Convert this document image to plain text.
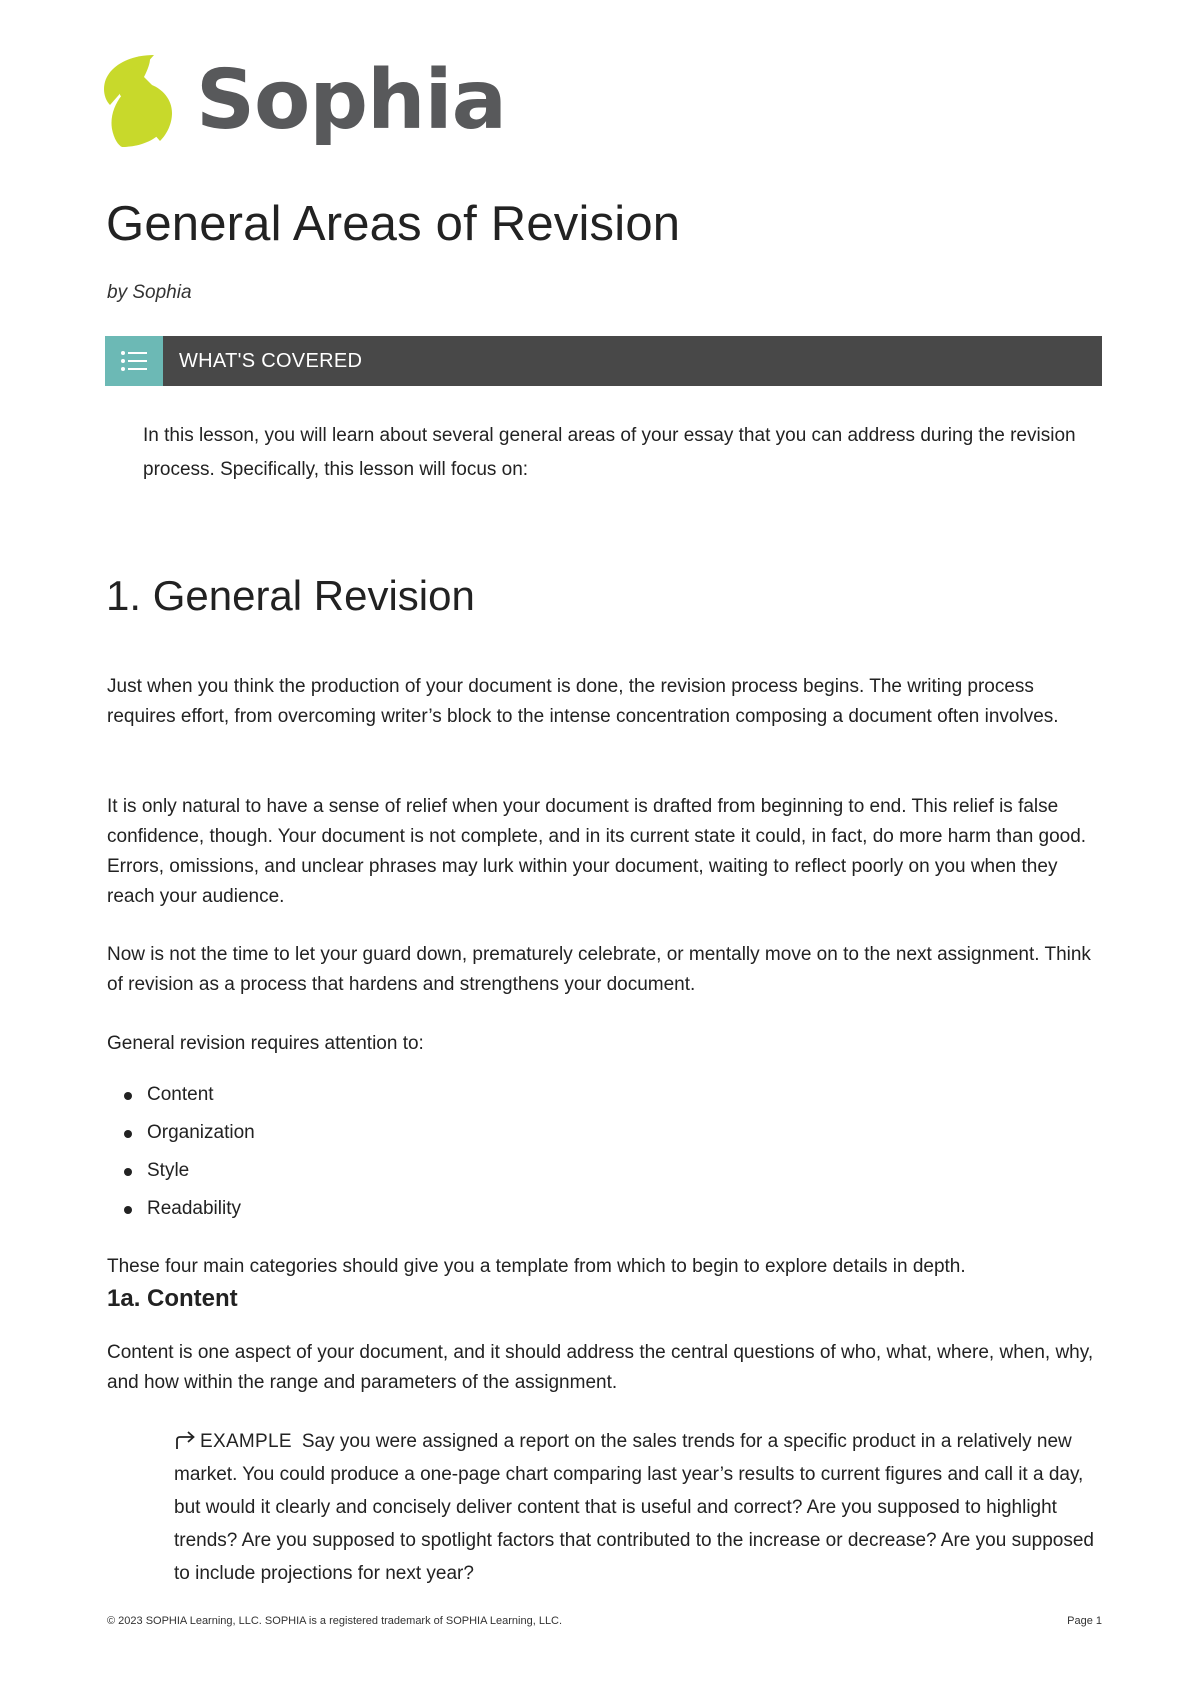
Sophia
General Areas of Revision
by Sophia
WHAT'S COVERED

In this lesson, you will learn about several general areas of your essay that you can address during the revision process. Specifically, this lesson will focus on:

1. General Revision

Just when you think the production of your document is done, the revision process begins. The writing process requires effort, from overcoming writer’s block to the intense concentration composing a document often involves.

It is only natural to have a sense of relief when your document is drafted from beginning to end. This relief is false confidence, though. Your document is not complete, and in its current state it could, in fact, do more harm than good. Errors, omissions, and unclear phrases may lurk within your document, waiting to reflect poorly on you when they reach your audience.

Now is not the time to let your guard down, prematurely celebrate, or mentally move on to the next assignment. Think of revision as a process that hardens and strengthens your document.

General revision requires attention to:

Content
Organization
Style
Readability

These four main categories should give you a template from which to begin to explore details in depth.

1a. Content

Content is one aspect of your document, and it should address the central questions of who, what, where, when, why, and how within the range and parameters of the assignment.

EXAMPLE Say you were assigned a report on the sales trends for a specific product in a relatively new market. You could produce a one-page chart comparing last year’s results to current figures and call it a day, but would it clearly and concisely deliver content that is useful and correct? Are you supposed to highlight trends? Are you supposed to spotlight factors that contributed to the increase or decrease? Are you supposed to include projections for next year?

© 2023 SOPHIA Learning, LLC. SOPHIA is a registered trademark of SOPHIA Learning, LLC.	Page 1
